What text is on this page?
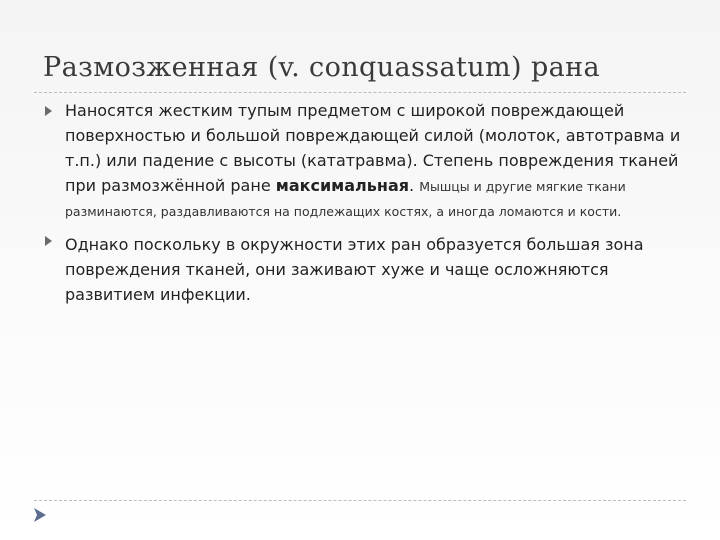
Размозженная (v. conquassatum) рана
Наносятся жестким тупым предметом с широкой повреждающей поверхностью и большой повреждающей силой (молоток, автотравма и т.п.) или падение с высоты (кататравма). Степень повреждения тканей при размозжённой ране максимальная. Мышцы и другие мягкие ткани разминаются, раздавливаются на подлежащих костях, а иногда ломаются и кости.
Однако поскольку в окружности этих ран образуется большая зона повреждения тканей, они заживают хуже и чаще осложняются развитием инфекции.
